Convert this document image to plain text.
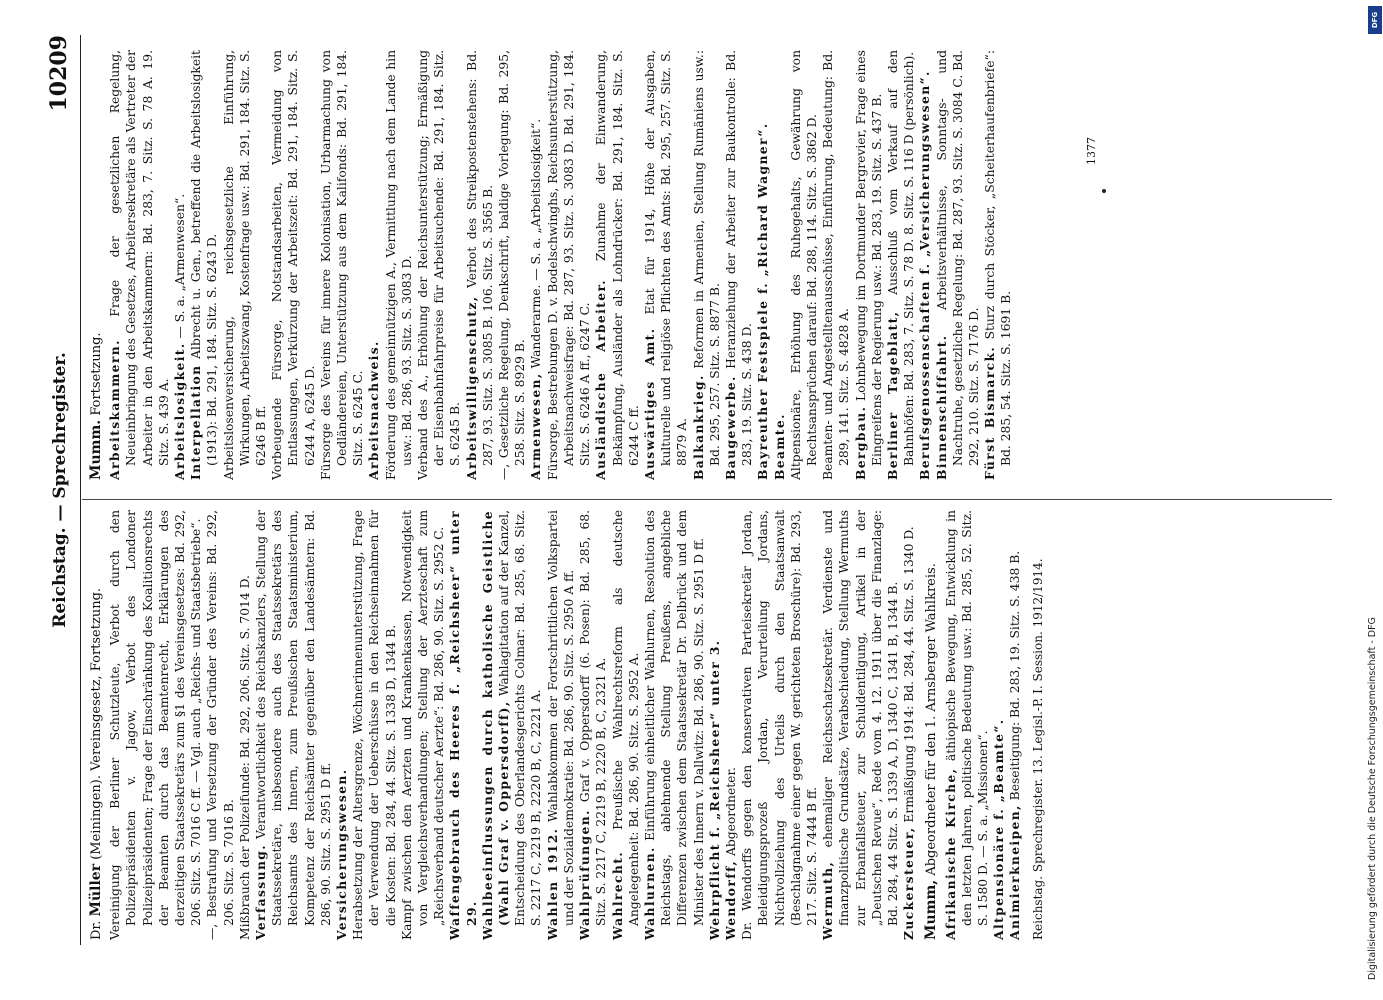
Reichstag. — Sprechregister.
10209
Dr. Müller (Meiningen). Vereinsgesetz, Fortsetzung. Vereinigung der Berliner Schutzleute, Verbot durch den Polizeipräsidenten v. Jagow, Verbot des Londoner Polizeipräsidenten; Frage der Einschränkung des Koalitionsrechts der Beamten durch das Beamtenrecht, Erklärungen des derzeitigen Staatssekretärs zum §1 des Vereinsgesetzes: Bd. 292, 206. Sitz. S. 7016 C ff. — Vgl. auch „Reichs- und Staatsbetriebe“. —, Bestrafung und Versetzung der Gründer des Vereins: Bd. 292, 206. Sitz. S. 7016 B. Mißbrauch der Polizeifunde: Bd. 292, 206. Sitz. S. 7014 D. Verfassung. Verantwortlichkeit des Reichskanzlers, Stellung der Staatssekretäre, insbesondere auch des Staatssekretärs des Reichsamts des Innern, zum Preußischen Staatsministerium, Kompetenz der Reichsämter gegenüber den Landesämtern: Bd. 286, 90. Sitz. S. 2951 D ff. Versicherungswesen. Herabsetzung der Altersgrenze, Wöchnerinnenunterstützung, Frage der Verwendung der Ueberschüsse in den Reichseinnahmen für die Kosten: Bd. 284, 44. Sitz. S. 1338 D, 1344 B. Kampf zwischen den Aerzten und Krankenkassen, Notwendigkeit von Vergleichsverhandlungen; Stellung der Aerzteschaft zum „Reichsverband deutscher Aerzte“: Bd. 286, 90. Sitz. S. 2952 C. Waffengebrauch des Heeres f. „Reichsheer“ unter 29. Wahlbeeinflussungen durch katholische Geistliche (Wahl Graf v. Oppersdorff), Wahlagitation auf der Kanzel, Entscheidung des Oberlandesgerichts Colmar: Bd. 285, 68. Sitz. S. 2217 C, 2219 B, 2220 B, C, 2221 A. Wahlen 1912. Wahlabkommen der Fortschrittlichen Volkspartei und der Sozialdemokratie: Bd. 286, 90. Sitz. S. 2950 A ff. Wahlprüfungen. Graf v. Oppersdorff (6. Posen): Bd. 285, 68. Sitz. S. 2217 C, 2219 B, 2220 B, C, 2321 A. Wahlrecht. Preußische Wahlrechtsreform als deutsche Angelegenheit: Bd. 286, 90. Sitz. S. 2952 A. Wahlurnen. Einführung einheitlicher Wahlurnen, Resolution des Reichstags, ablehnende Stellung Preußens, angebliche Differenzen zwischen dem Staatssekretär Dr. Delbrück und dem Minister des Innern v. Dallwitz: Bd. 286, 90. Sitz. S. 2951 D ff. Wehrpflicht f. „Reichsheer“ unter 3. Wendorff, Abgeordneter. Dr. Wendorffs gegen den konservativen Parteisekretär Jordan, Beleidigungsprozeß Jordan, Verurteilung Jordans, Nichtvollziehung des Urteils durch den Staatsanwalt (Beschlagnahme einer gegen W. gerichteten Broschüre): Bd. 293, 217. Sitz. S. 7444 B ff. Wermuth, ehemaliger Reichsschatzsekretär. Verdienste und finanzpolitische Grundsätze, Verabschiedung, Stellung Wermuths zur Erbanfallsteuer, zur Schuldentilgung, Artikel in der „Deutschen Revue“, Rede vom 4. 12. 1911 über die Finanzlage: Bd. 284, 44 Sitz. S. 1339 A, D, 1340 C, 1341 B, 1344 B. Zuckersteuer, Ermäßigung 1914: Bd. 284, 44. Sitz. S. 1340 D.

Mumm, Abgeordneter für den 1. Arnsberger Wahlkreis. Afrikanische Kirche, äthiopische Bewegung, Entwicklung in den letzten Jahren, politische Bedeutung usw.: Bd. 285, 52. Sitz. S. 1580 D. — S. a. „Missionen“. Altpensionäre f. „Beamte“. Animierkneipen, Beseitigung: Bd. 283, 19. Sitz. S. 438 B. Reichstag. Sprechregister. 13. Legisl.-P. I. Session. 1912/1914.
Mumm. Fortsetzung. Arbeitskammern. Frage der gesetzlichen Regelung, Neueinbringung des Gesetzes, Arbeitersekretäre als Vertreter der Arbeiter in den Arbeitskammern: Bd. 283, 7. Sitz. S. 78 A. 19. Sitz. S. 439 A. Arbeitslosigkeit. — S. a. „Armenwesen“.

Interpellation Albrecht u. Gen., betreffend die Arbeitslosigkeit (1913): Bd. 291, 184. Sitz. S. 6243 D. Arbeitslosenversicherung, reichsgesetzliche Einführung, Wirkungen, Arbeitszwang, Kostenfrage usw.: Bd. 291, 184. Sitz. S. 6246 B ff. Vorbeugende Fürsorge, Notstandsarbeiten, Vermeidung von Entlassungen, Verkürzung der Arbeitszeit: Bd. 291, 184. Sitz. S. 6244 A, 6245 D. Fürsorge des Vereins für innere Kolonisation, Urbarmachung von Oedländereien, Unterstützung aus dem Kalifonds: Bd. 291, 184. Sitz. S. 6245 C. Arbeitsnachweis. Förderung des gemeinnützigen A., Vermittlung nach dem Lande hin usw.: Bd. 286, 93. Sitz. S. 3083 D. Verband des A., Erhöhung der Reichsunterstützung; Ermäßigung der Eisenbahnfahrpreise für Arbeitsuchende: Bd. 291, 184. Sitz. S. 6245 B. Arbeitswilligenschutz, Verbot des Streikpostenstehens: Bd. 287, 93. Sitz. S. 3085 B. 106. Sitz. S. 3565 B. —, Gesetzliche Regelung, Denkschrift, baldige Vorlegung: Bd. 295, 258. Sitz. S. 8929 B. Armenwesen, Wanderarme. — S. a. „Arbeitslosigkeit“. Fürsorge, Bestrebungen D. v. Bodelschwinghs, Reichsunterstützung, Arbeitsnachweisfrage: Bd. 287, 93. Sitz. S. 3083 D. Bd. 291, 184. Sitz. S. 6246 A ff., 6247 C. Ausländische Arbeiter. Zunahme der Einwanderung, Bekämpfung, Ausländer als Lohndrücker: Bd. 291, 184. Sitz. S. 6244 C ff. Auswärtiges Amt. Etat für 1914, Höhe der Ausgaben, kulturelle und religiöse Pflichten des Amts: Bd. 295, 257. Sitz. S. 8879 A. Balkankrieg. Reformen in Armenien, Stellung Rumäniens usw.: Bd. 295, 257. Sitz. S. 8877 B. Baugewerbe. Heranziehung der Arbeiter zur Baukontrolle: Bd. 283, 19. Sitz. S. 438 D. Bayreuther Festspiele f. „Richard Wagner“. Beamte. Altpensionäre, Erhöhung des Ruhegehalts, Gewährung von Rechtsansprüchen darauf: Bd. 288, 114. Sitz. S. 3862 D. Beamten- und Angestelltenausschüsse, Einführung, Bedeutung: Bd. 289, 141. Sitz. S. 4828 A. Bergbau. Lohnbewegung im Dortmunder Bergrevier, Frage eines Eingreifens der Regierung usw.: Bd. 283, 19. Sitz. S. 437 B. Berliner Tageblatt, Ausschluß vom Verkauf auf den Bahnhöfen: Bd. 283, 7. Sitz. S. 78 D. 8. Sitz. S. 116 D (persönlich). Berufsgenossenschaften f. „Versicherungswesen“. Binnenschiffahrt. Arbeitsverhältnisse, Sonntags- und Nachtruhe, gesetzliche Regelung: Bd. 287, 93. Sitz. S. 3084 C. Bd. 292, 210. Sitz. S. 7176 D. Fürst Bismarck. Sturz durch Stöcker, „Scheiterhaufenbriefe“: Bd. 285, 54. Sitz. S. 1691 B.

1377
DFG
Digitalisierung gefördert durch die Deutsche Forschungsgemeinschaft - DFG
